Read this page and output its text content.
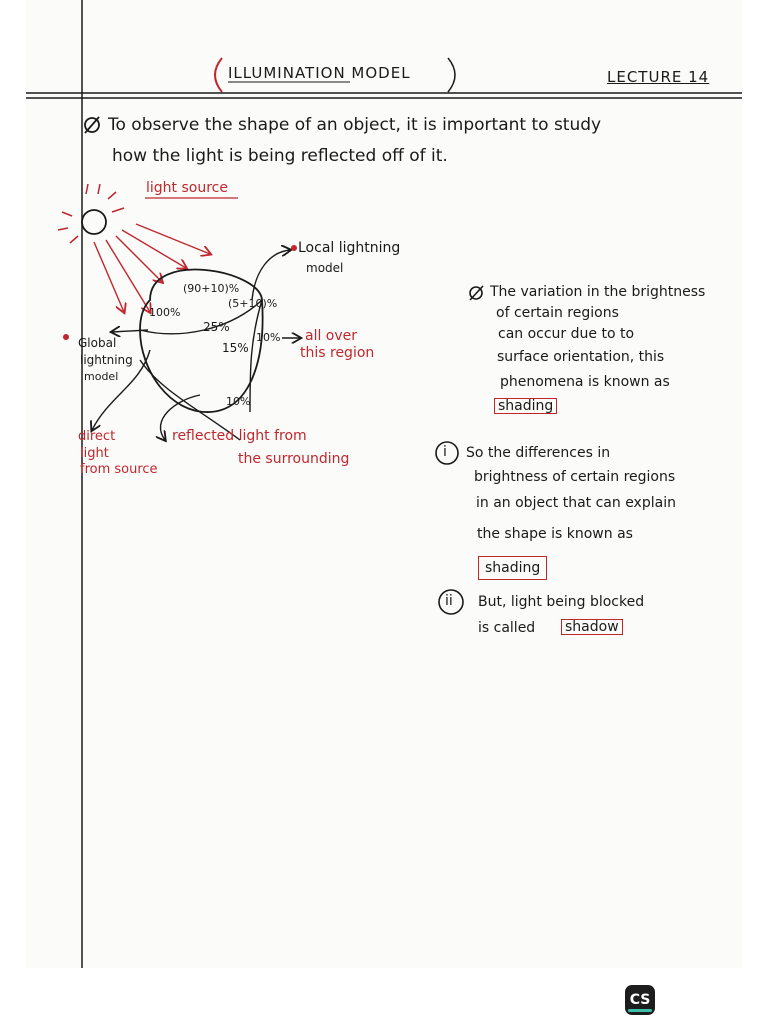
ILLUMINATION MODEL	LECTURE 14
To observe the shape of an object, it is important to study
how the light is being reflected off of it.
light source
Local lightning
model
(90+10)%
(5+10)%
100%
25%
15%
10%
10%
all over
this region
Global
lightning
model
direct
light
from source
reflected light from
the surrounding
The variation in the brightness
of certain regions
can occur due to to
surface orientation, this
phenomena is known as
shading
i So the differences in
brightness of certain regions
in an object that can explain
the shape is known as
shading
ii But, light being blocked
is called shadow
CS
